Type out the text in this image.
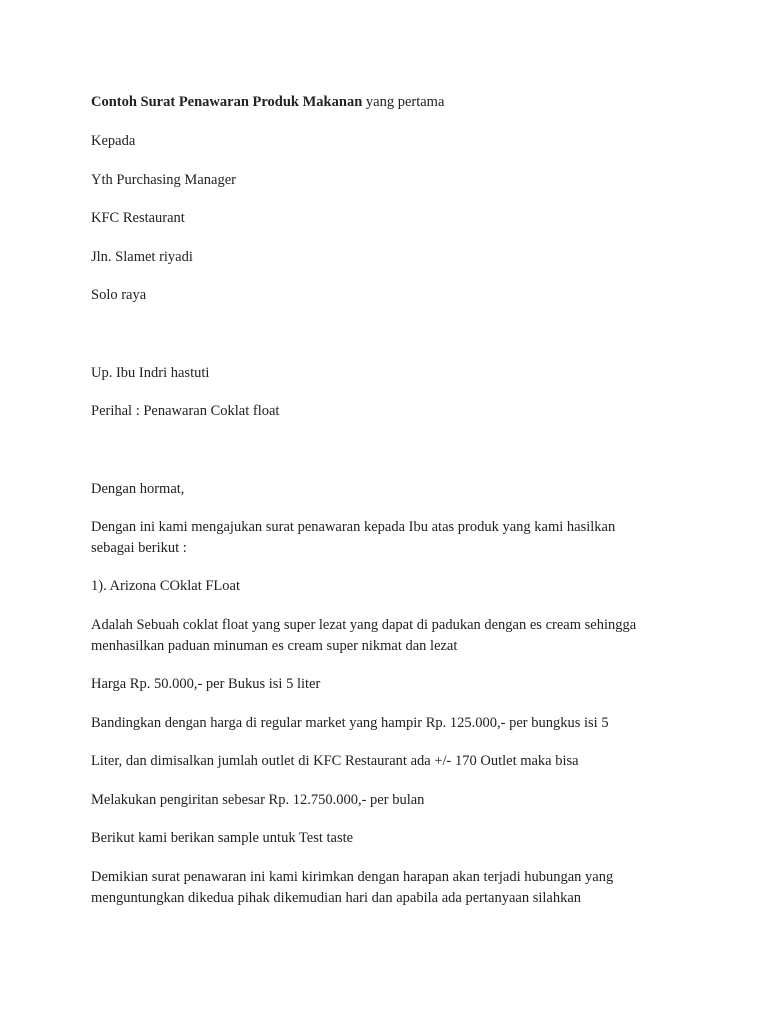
Contoh Surat Penawaran Produk Makanan yang pertama

Kepada

Yth Purchasing Manager

KFC Restaurant

Jln. Slamet riyadi

Solo raya

Up. Ibu Indri hastuti

Perihal : Penawaran Coklat float

Dengan hormat,

Dengan ini kami mengajukan surat penawaran kepada Ibu atas produk yang kami hasilkan

sebagai berikut :

1). Arizona COklat FLoat

Adalah Sebuah coklat float yang super lezat yang dapat di padukan dengan es cream sehingga

menhasilkan paduan minuman es cream super nikmat dan lezat

Harga Rp. 50.000,- per Bukus isi 5 liter

Bandingkan dengan harga di regular market yang hampir Rp. 125.000,- per bungkus isi 5

Liter, dan dimisalkan jumlah outlet di KFC Restaurant ada +/- 170 Outlet maka bisa

Melakukan pengiritan sebesar Rp. 12.750.000,- per bulan

Berikut kami berikan sample untuk Test taste

Demikian surat penawaran ini kami kirimkan dengan harapan akan terjadi hubungan yang

menguntungkan dikedua pihak dikemudian hari dan apabila ada pertanyaan silahkan
